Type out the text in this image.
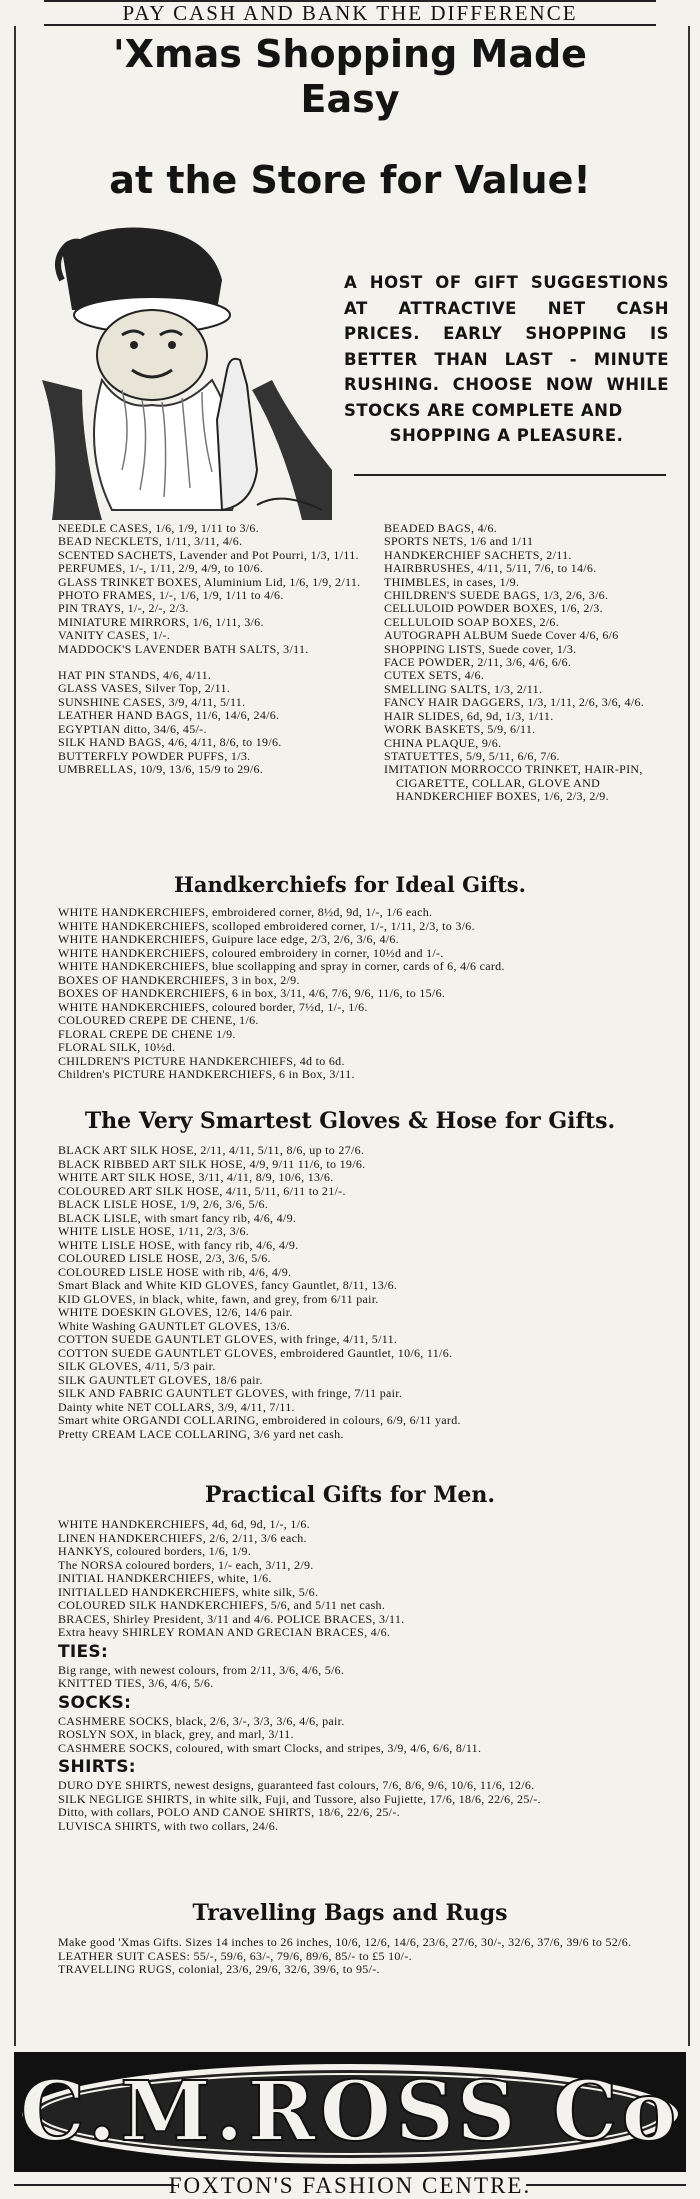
PAY CASH AND BANK THE DIFFERENCE
'Xmas Shopping Made
Easy
at the Store for Value!
A HOST OF GIFT SUGGESTIONS AT ATTRACTIVE NET CASH PRICES. EARLY SHOPPING IS BETTER THAN LAST - MINUTE RUSHING. CHOOSE NOW WHILE STOCKS ARE COMPLETE AND
SHOPPING A PLEASURE.

NEEDLE CASES, 1/6, 1/9, 1/11 to 3/6.

BEAD NECKLETS, 1/11, 3/11, 4/6.

SCENTED SACHETS, Lavender and Pot Pourri, 1/3, 1/11.

PERFUMES, 1/-, 1/11, 2/9, 4/9, to 10/6.

GLASS TRINKET BOXES, Aluminium Lid, 1/6, 1/9, 2/11.

PHOTO FRAMES, 1/-, 1/6, 1/9, 1/11 to 4/6.

PIN TRAYS, 1/-, 2/-, 2/3.

MINIATURE MIRRORS, 1/6, 1/11, 3/6.

VANITY CASES, 1/-.

MADDOCK'S LAVENDER BATH SALTS, 3/11.

HAT PIN STANDS, 4/6, 4/11.

GLASS VASES, Silver Top, 2/11.

SUNSHINE CASES, 3/9, 4/11, 5/11.

LEATHER HAND BAGS, 11/6, 14/6, 24/6.

EGYPTIAN ditto, 34/6, 45/-.

SILK HAND BAGS, 4/6, 4/11, 8/6, to 19/6.

BUTTERFLY POWDER PUFFS, 1/3.

UMBRELLAS, 10/9, 13/6, 15/9 to 29/6.

BEADED BAGS, 4/6.

SPORTS NETS, 1/6 and 1/11

HANDKERCHIEF SACHETS, 2/11.

HAIRBRUSHES, 4/11, 5/11, 7/6, to 14/6.

THIMBLES, in cases, 1/9.

CHILDREN'S SUEDE BAGS, 1/3, 2/6, 3/6.

CELLULOID POWDER BOXES, 1/6, 2/3.

CELLULOID SOAP BOXES, 2/6.

AUTOGRAPH ALBUM Suede Cover 4/6, 6/6

SHOPPING LISTS, Suede cover, 1/3.

FACE POWDER, 2/11, 3/6, 4/6, 6/6.

CUTEX SETS, 4/6.

SMELLING SALTS, 1/3, 2/11.

FANCY HAIR DAGGERS, 1/3, 1/11, 2/6, 3/6, 4/6.

HAIR SLIDES, 6d, 9d, 1/3, 1/11.

WORK BASKETS, 5/9, 6/11.

CHINA PLAQUE, 9/6.

STATUETTES, 5/9, 5/11, 6/6, 7/6.

IMITATION MORROCCO TRINKET, HAIR-PIN, CIGARETTE, COLLAR, GLOVE AND HANDKERCHIEF BOXES, 1/6, 2/3, 2/9.

Handkerchiefs for Ideal Gifts.

WHITE HANDKERCHIEFS, embroidered corner, 8½d, 9d, 1/-, 1/6 each.

WHITE HANDKERCHIEFS, scolloped embroidered corner, 1/-, 1/11, 2/3, to 3/6.

WHITE HANDKERCHIEFS, Guipure lace edge, 2/3, 2/6, 3/6, 4/6.

WHITE HANDKERCHIEFS, coloured embroidery in corner, 10½d and 1/-.

WHITE HANDKERCHIEFS, blue scollapping and spray in corner, cards of 6, 4/6 card.

BOXES OF HANDKERCHIEFS, 3 in box, 2/9.

BOXES OF HANDKERCHIEFS, 6 in box, 3/11, 4/6, 7/6, 9/6, 11/6, to 15/6.

WHITE HANDKERCHIEFS, coloured border, 7½d, 1/-, 1/6.

COLOURED CREPE DE CHENE, 1/6.

FLORAL CREPE DE CHENE 1/9.

FLORAL SILK, 10½d.

CHILDREN'S PICTURE HANDKERCHIEFS, 4d to 6d.

Children's PICTURE HANDKERCHIEFS, 6 in Box, 3/11.

The Very Smartest Gloves & Hose for Gifts.

BLACK ART SILK HOSE, 2/11, 4/11, 5/11, 8/6, up to 27/6.

BLACK RIBBED ART SILK HOSE, 4/9, 9/11 11/6, to 19/6.

WHITE ART SILK HOSE, 3/11, 4/11, 8/9, 10/6, 13/6.

COLOURED ART SILK HOSE, 4/11, 5/11, 6/11 to 21/-.

BLACK LISLE HOSE, 1/9, 2/6, 3/6, 5/6.

BLACK LISLE, with smart fancy rib, 4/6, 4/9.

WHITE LISLE HOSE, 1/11, 2/3, 3/6.

WHITE LISLE HOSE, with fancy rib, 4/6, 4/9.

COLOURED LISLE HOSE, 2/3, 3/6, 5/6.

COLOURED LISLE HOSE with rib, 4/6, 4/9.

Smart Black and White KID GLOVES, fancy Gauntlet, 8/11, 13/6.

KID GLOVES, in black, white, fawn, and grey, from 6/11 pair.

WHITE DOESKIN GLOVES, 12/6, 14/6 pair.

White Washing GAUNTLET GLOVES, 13/6.

COTTON SUEDE GAUNTLET GLOVES, with fringe, 4/11, 5/11.

COTTON SUEDE GAUNTLET GLOVES, embroidered Gauntlet, 10/6, 11/6.

SILK GLOVES, 4/11, 5/3 pair.

SILK GAUNTLET GLOVES, 18/6 pair.

SILK AND FABRIC GAUNTLET GLOVES, with fringe, 7/11 pair.

Dainty white NET COLLARS, 3/9, 4/11, 7/11.

Smart white ORGANDI COLLARING, embroidered in colours, 6/9, 6/11 yard.

Pretty CREAM LACE COLLARING, 3/6 yard net cash.

Practical Gifts for Men.

WHITE HANDKERCHIEFS, 4d, 6d, 9d, 1/-, 1/6.

LINEN HANDKERCHIEFS, 2/6, 2/11, 3/6 each.

HANKYS, coloured borders, 1/6, 1/9.

The NORSA coloured borders, 1/- each, 3/11, 2/9.

INITIAL HANDKERCHIEFS, white, 1/6.

INITIALLED HANDKERCHIEFS, white silk, 5/6.

COLOURED SILK HANDKERCHIEFS, 5/6, and 5/11 net cash.

BRACES, Shirley President, 3/11 and 4/6. POLICE BRACES, 3/11.

Extra heavy SHIRLEY ROMAN AND GRECIAN BRACES, 4/6.

TIES:

Big range, with newest colours, from 2/11, 3/6, 4/6, 5/6.

KNITTED TIES, 3/6, 4/6, 5/6.

SOCKS:

CASHMERE SOCKS, black, 2/6, 3/-, 3/3, 3/6, 4/6, pair.

ROSLYN SOX, in black, grey, and marl, 3/11.

CASHMERE SOCKS, coloured, with smart Clocks, and stripes, 3/9, 4/6, 6/6, 8/11.

SHIRTS:

DURO DYE SHIRTS, newest designs, guaranteed fast colours, 7/6, 8/6, 9/6, 10/6, 11/6, 12/6.

SILK NEGLIGE SHIRTS, in white silk, Fuji, and Tussore, also Fujiette, 17/6, 18/6, 22/6, 25/-.

Ditto, with collars, POLO AND CANOE SHIRTS, 18/6, 22/6, 25/-.

LUVISCA SHIRTS, with two collars, 24/6.

Travelling Bags and Rugs

Make good 'Xmas Gifts. Sizes 14 inches to 26 inches, 10/6, 12/6, 14/6, 23/6, 27/6, 30/-, 32/6, 37/6, 39/6 to 52/6.

LEATHER SUIT CASES: 55/-, 59/6, 63/-, 79/6, 89/6, 85/- to £5 10/-.

TRAVELLING RUGS, colonial, 23/6, 29/6, 32/6, 39/6, to 95/-.

C.M.ROSS Co
FOXTON'S FASHION CENTRE.
